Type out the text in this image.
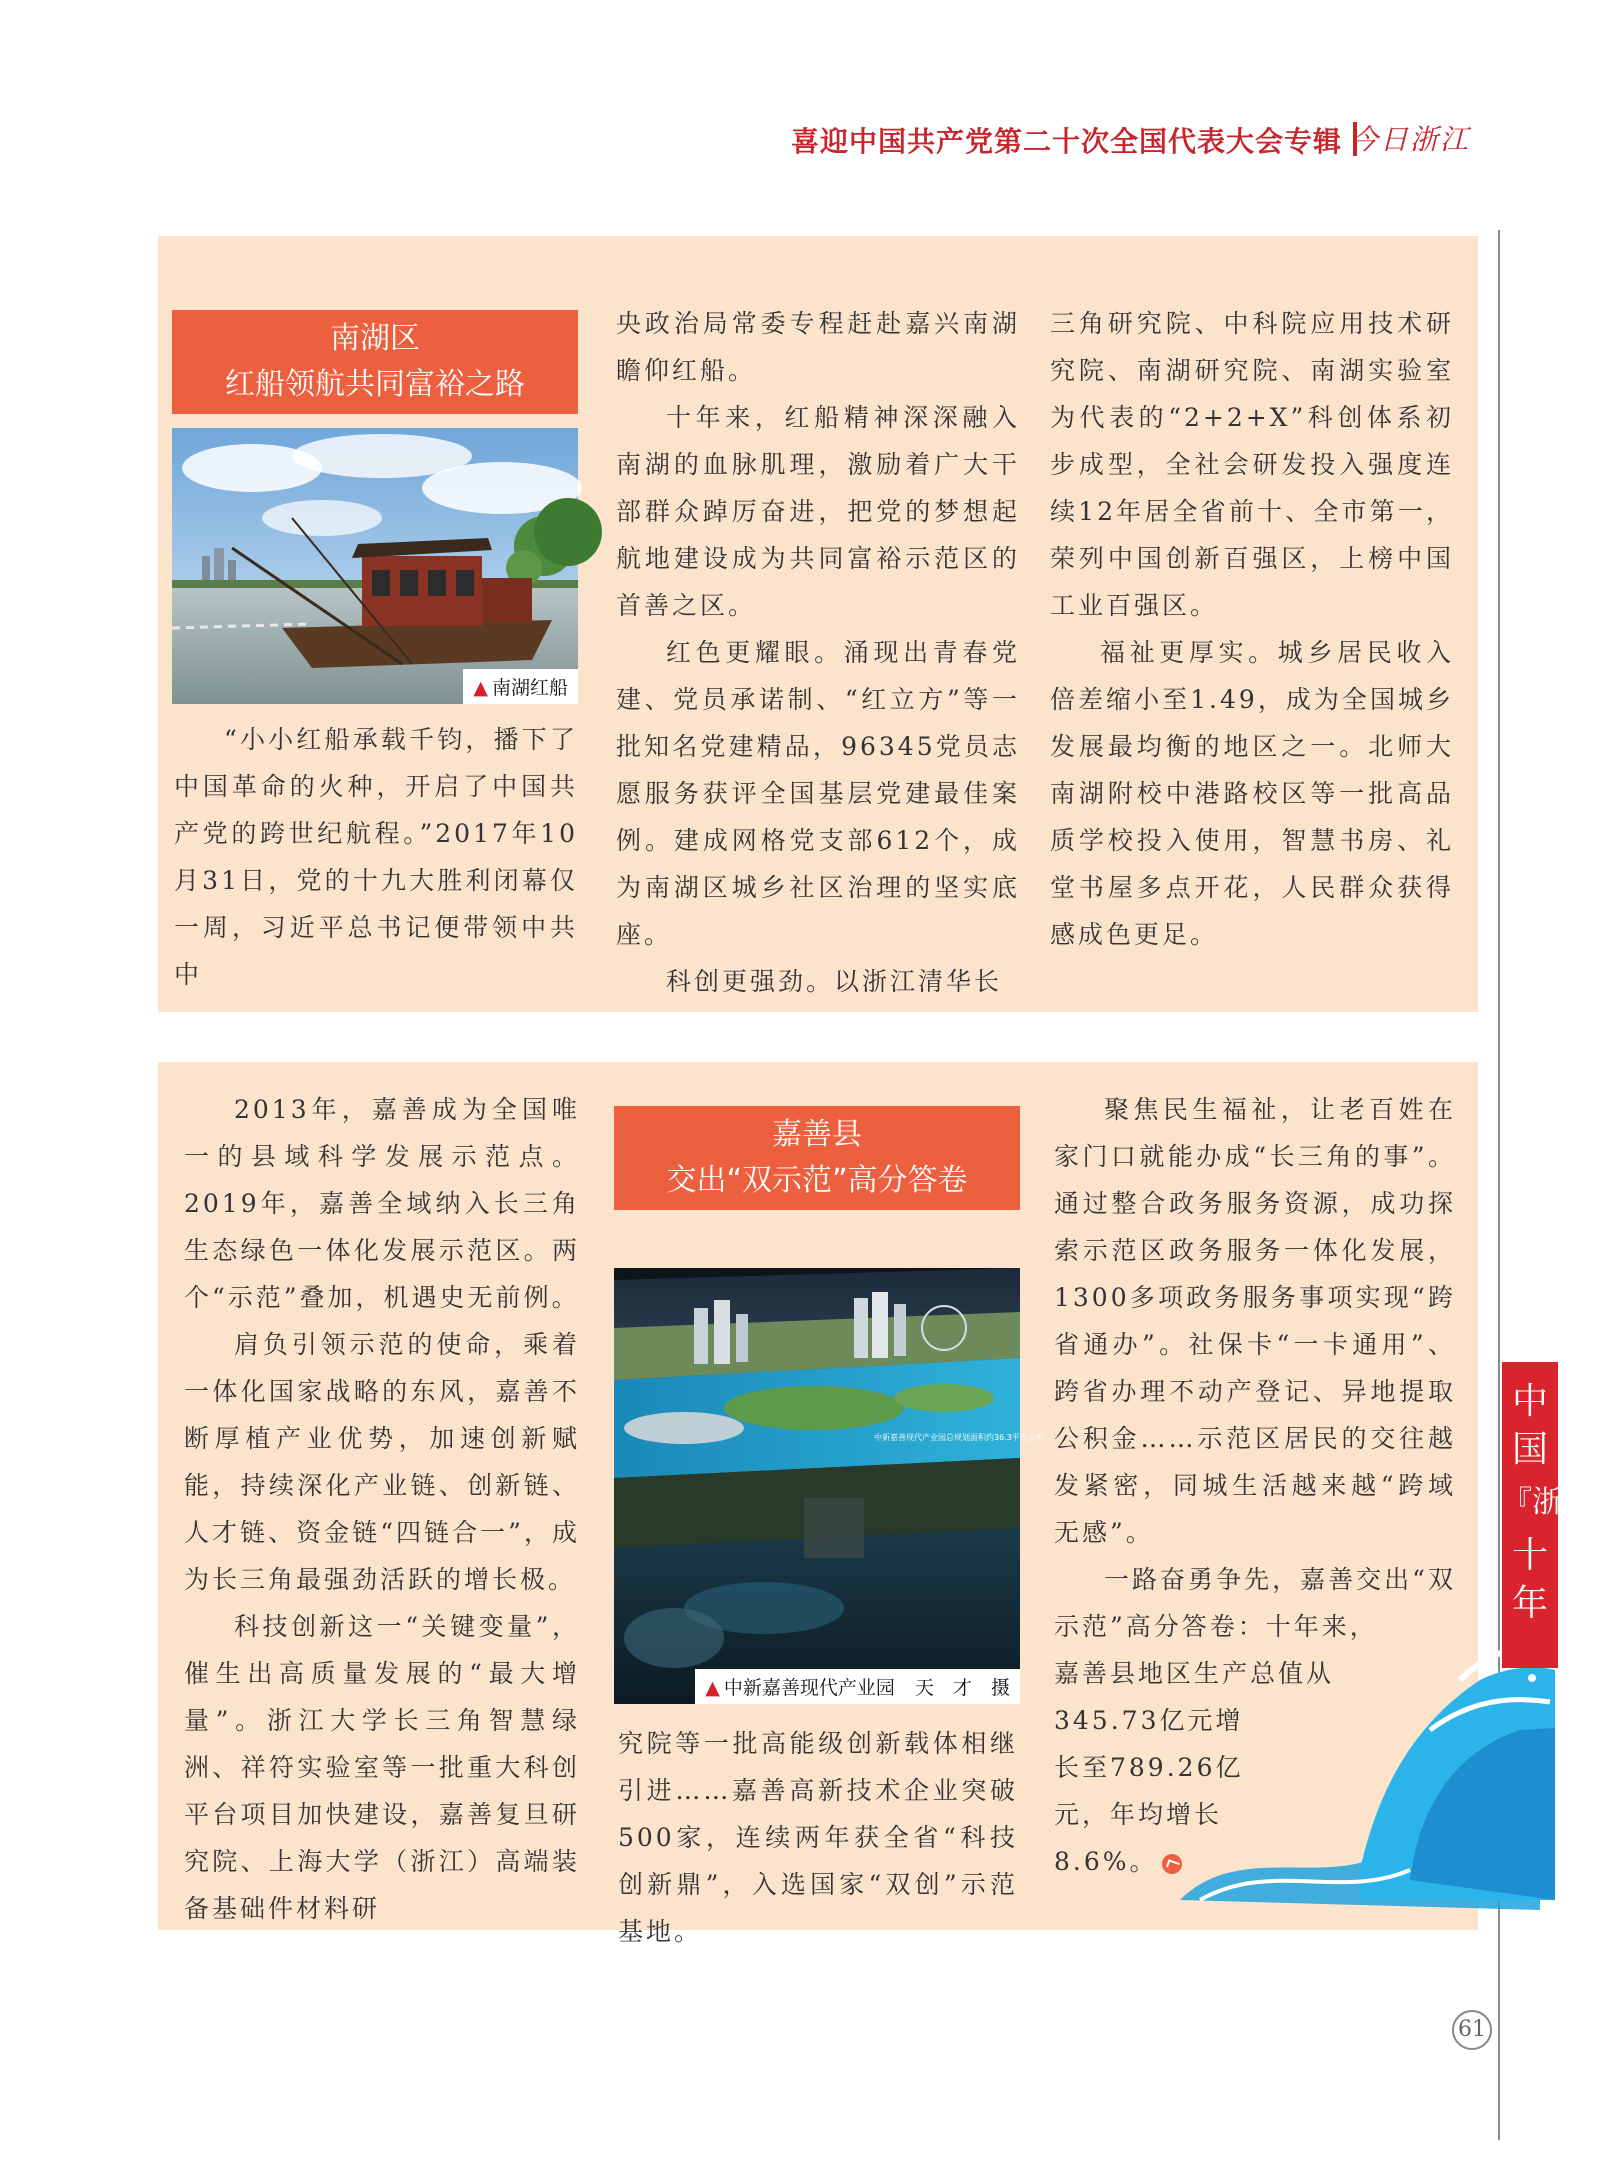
喜迎中国共产党第二十次全国代表大会专辑 今日浙江
南湖区
红船领航共同富裕之路
▲ 南湖红船

“小小红船承载千钧，播下了中国革命的火种，开启了中国共产党的跨世纪航程。”2017年10月31日，党的十九大胜利闭幕仅一周，习近平总书记便带领中共中

央政治局常委专程赶赴嘉兴南湖瞻仰红船。

十年来，红船精神深深融入南湖的血脉肌理，激励着广大干部群众踔厉奋进，把党的梦想起航地建设成为共同富裕示范区的首善之区。

红色更耀眼。涌现出青春党建、党员承诺制、“红立方”等一批知名党建精品，96345党员志愿服务获评全国基层党建最佳案例。建成网格党支部612个，成为南湖区城乡社区治理的坚实底座。

科创更强劲。以浙江清华长

三角研究院、中科院应用技术研究院、南湖研究院、南湖实验室为代表的“2+2+X”科创体系初步成型，全社会研发投入强度连续12年居全省前十、全市第一，荣列中国创新百强区，上榜中国工业百强区。

福祉更厚实。城乡居民收入倍差缩小至1.49，成为全国城乡发展最均衡的地区之一。北师大南湖附校中港路校区等一批高品质学校投入使用，智慧书房、礼堂书屋多点开花，人民群众获得感成色更足。

2013年，嘉善成为全国唯一的县域科学发展示范点。2019年，嘉善全域纳入长三角生态绿色一体化发展示范区。两个“示范”叠加，机遇史无前例。

肩负引领示范的使命，乘着一体化国家战略的东风，嘉善不断厚植产业优势，加速创新赋能，持续深化产业链、创新链、人才链、资金链“四链合一”，成为长三角最强劲活跃的增长极。

科技创新这一“关键变量”，催生出高质量发展的“最大增量”。浙江大学长三角智慧绿洲、祥符实验室等一批重大科创平台项目加快建设，嘉善复旦研究院、上海大学（浙江）高端装备基础件材料研

嘉善县
交出“双示范”高分答卷
中新嘉善现代产业园总规划面积约36.3平方公里
▲ 中新嘉善现代产业园 天　才　摄

究院等一批高能级创新载体相继引进……嘉善高新技术企业突破500家，连续两年获全省“科技创新鼎”，入选国家“双创”示范基地。

聚焦民生福祉，让老百姓在家门口就能办成“长三角的事”。通过整合政务服务资源，成功探索示范区政务服务一体化发展，1300多项政务服务事项实现“跨省通办”。社保卡“一卡通用”、跨省办理不动产登记、异地提取公积金……示范区居民的交往越发紧密，同城生活越来越“跨域无感”。

一路奋勇争先，嘉善交出“双示范”高分答卷：十年来，

嘉善县地区生产总值从

345.73亿元增

长至789.26亿

元，年均增长

8.6%。

中
国
『浙』
十
年
61
